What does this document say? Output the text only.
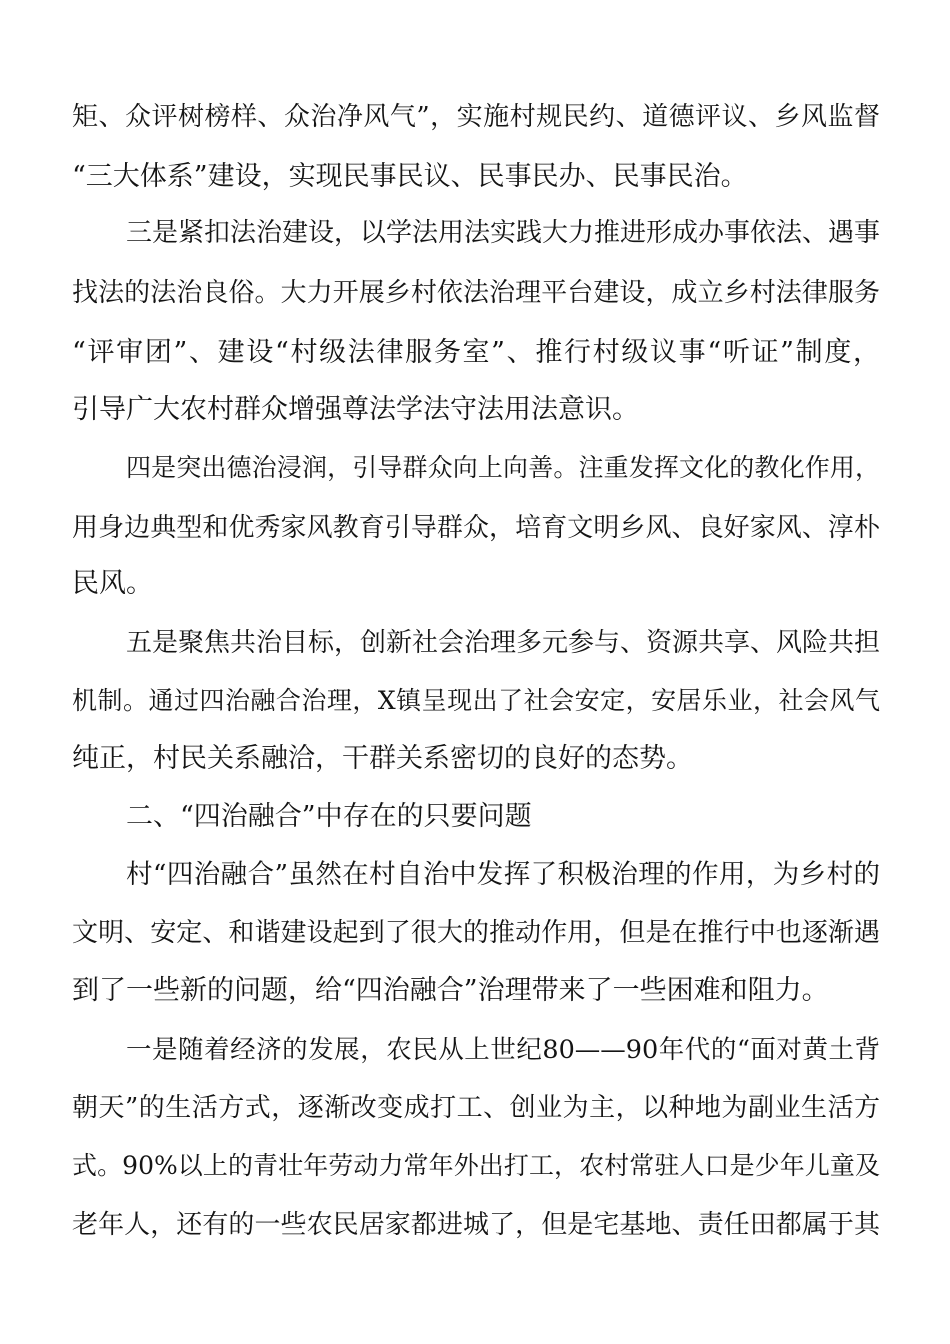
矩、众评树榜样、众治净风气”，实施村规民约、道德评议、乡风监督
“三大体系”建设，实现民事民议、民事民办、民事民治。
三是紧扣法治建设，以学法用法实践大力推进形成办事依法、遇事
找法的法治良俗。大力开展乡村依法治理平台建设，成立乡村法律服务
“评审团”、建设“村级法律服务室”、推行村级议事“听证”制度，
引导广大农村群众增强尊法学法守法用法意识。
四是突出德治浸润，引导群众向上向善。注重发挥文化的教化作用，
用身边典型和优秀家风教育引导群众，培育文明乡风、良好家风、淳朴
民风。
五是聚焦共治目标，创新社会治理多元参与、资源共享、风险共担
机制。通过四治融合治理，X镇呈现出了社会安定，安居乐业，社会风气
纯正，村民关系融洽，干群关系密切的良好的态势。
二、“四治融合”中存在的只要问题
村“四治融合”虽然在村自治中发挥了积极治理的作用，为乡村的
文明、安定、和谐建设起到了很大的推动作用，但是在推行中也逐渐遇
到了一些新的问题，给“四治融合”治理带来了一些困难和阻力。
一是随着经济的发展，农民从上世纪80——90年代的“面对黄土背
朝天”的生活方式，逐渐改变成打工、创业为主，以种地为副业生活方
式。90%以上的青壮年劳动力常年外出打工，农村常驻人口是少年儿童及
老年人，还有的一些农民居家都进城了，但是宅基地、责任田都属于其
